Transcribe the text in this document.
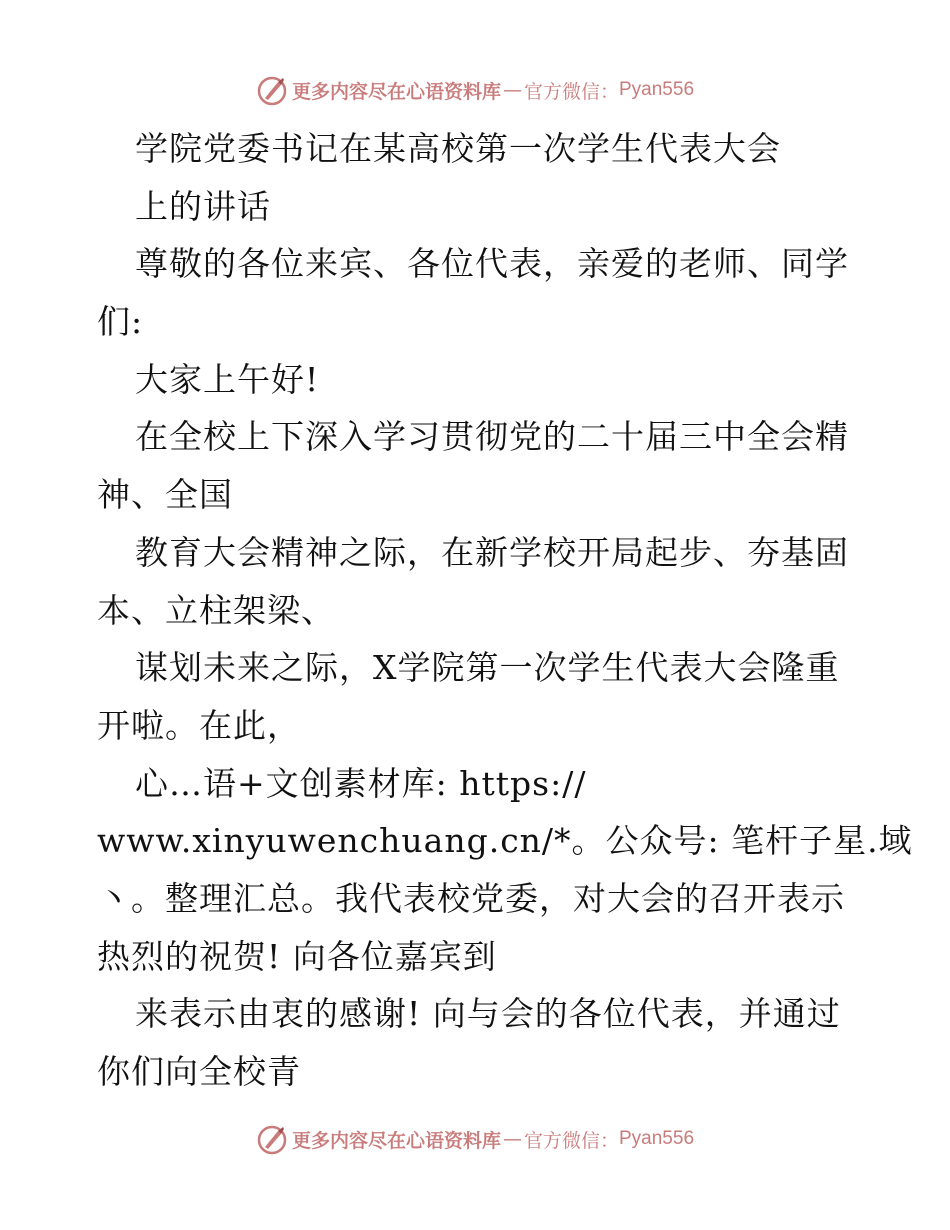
更多内容尽在心语资料库 — 官方微信： Pyan556
学院党委书记在某高校第一次学生代表大会
上的讲话
尊敬的各位来宾、各位代表，亲爱的老师、同学
们:
大家上午好!
在全校上下深入学习贯彻党的二十届三中全会精
神、全国
教育大会精神之际，在新学校开局起步、夯基固
本、立柱架梁、
谋划未来之际，X学院第一次学生代表大会隆重
开啦。在此，
心…语+文创素材库: https://
www.xinyuwenchuang.cn/*。公众号: 笔杆子星.域
丶。整理汇总。我代表校党委，对大会的召开表示
热烈的祝贺! 向各位嘉宾到
来表示由衷的感谢! 向与会的各位代表，并通过
你们向全校青
更多内容尽在心语资料库 — 官方微信： Pyan556
